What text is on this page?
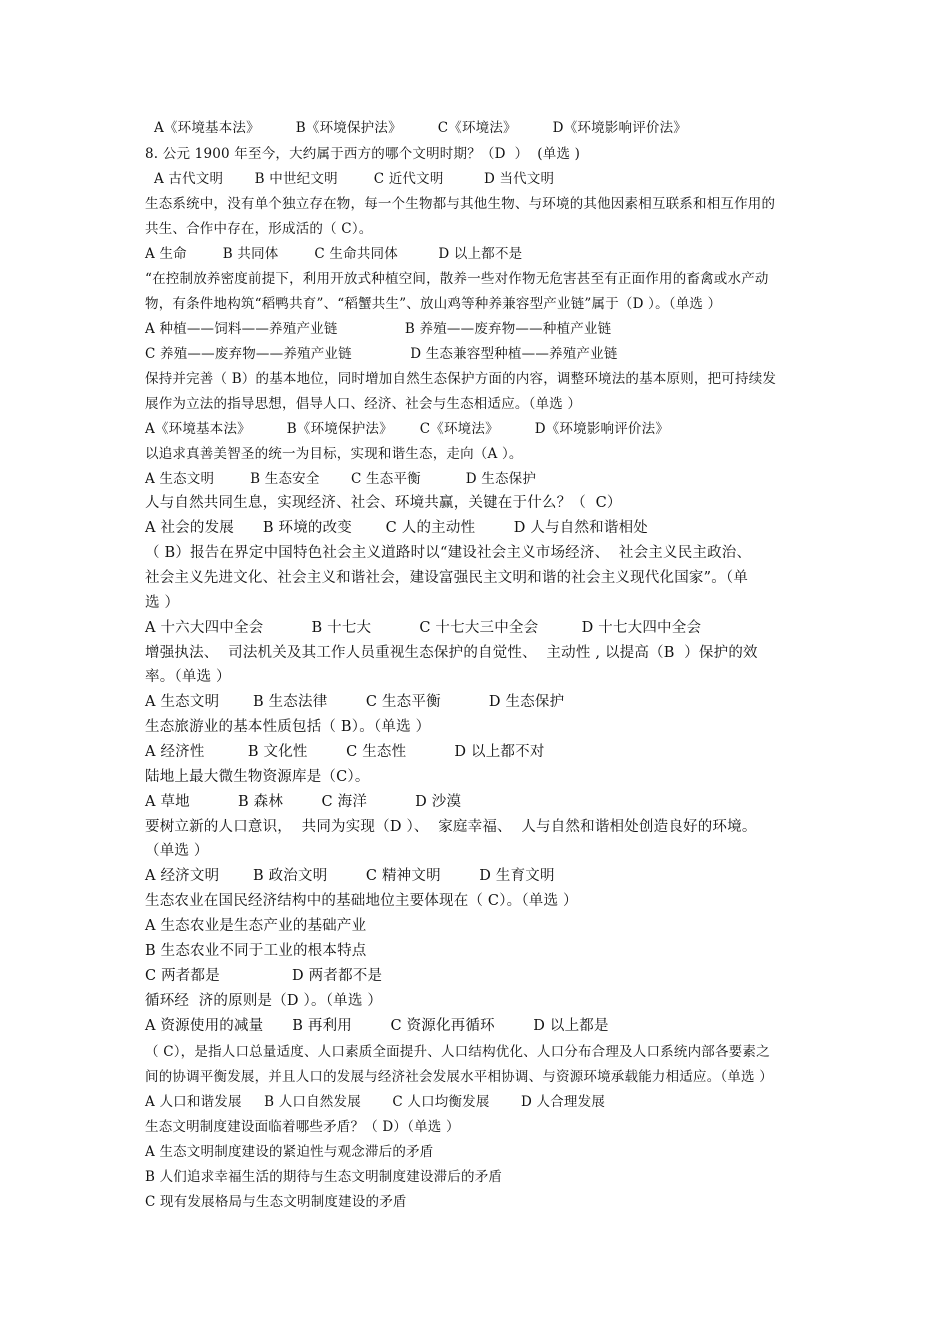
A《环境基本法》        B《环境保护法》        C《环境法》        D《环境影响评价法》
8. 公元 1900 年至今，大约属于西方的哪个文明时期？（D  ）  (单选 )
A 古代文明       B 中世纪文明        C 近代文明         D 当代文明
生态系统中，没有单个独立存在物，每一个生物都与其他生物、与环境的其他因素相互联系和相互作用的
共生、合作中存在，形成活的（ C）。
A 生命        B 共同体        C 生命共同体         D 以上都不是
“在控制放养密度前提下，利用开放式种植空间，散养一些对作物无危害甚至有正面作用的畜禽或水产动
物，有条件地构筑“稻鸭共育”、“稻蟹共生”、放山鸡等种养兼容型产业链”属于（D ）。（单选 ）
A 种植——饲料——养殖产业链               B 养殖——废弃物——种植产业链
C 养殖——废弃物——养殖产业链             D 生态兼容型种植——养殖产业链
保持并完善（ B）的基本地位，同时增加自然生态保护方面的内容，调整环境法的基本原则，把可持续发
展作为立法的指导思想，倡导人口、经济、社会与生态相适应。（单选 ）
A《环境基本法》        B《环境保护法》      C《环境法》        D《环境影响评价法》
以追求真善美智圣的统一为目标，实现和谐生态，走向（A ）。
A 生态文明        B 生态安全       C 生态平衡          D 生态保护
人与自然共同生息，实现经济、社会、环境共赢，关键在于什么？（  C）
A 社会的发展      B 环境的改变       C 人的主动性        D 人与自然和谐相处
（ B）报告在界定中国特色社会主义道路时以“建设社会主义市场经济、  社会主义民主政治、
社会主义先进文化、社会主义和谐社会，建设富强民主文明和谐的社会主义现代化国家”。（单
选 ）
A 十六大四中全会          B 十七大          C 十七大三中全会         D 十七大四中全会
增强执法、  司法机关及其工作人员重视生态保护的自觉性、  主动性 , 以提高（B  ）保护的效
率。（单选 ）
A 生态文明       B 生态法律        C 生态平衡          D 生态保护
生态旅游业的基本性质包括（ B）。（单选 ）
A 经济性         B 文化性        C 生态性          D 以上都不对
陆地上最大微生物资源库是（C）。
A 草地          B 森林        C 海洋          D 沙漠
要树立新的人口意识，  共同为实现（D ）、  家庭幸福、  人与自然和谐相处创造良好的环境。
（单选 ）
A 经济文明       B 政治文明        C 精神文明        D 生育文明
生态农业在国民经济结构中的基础地位主要体现在（ C）。（单选 ）
A 生态农业是生态产业的基础产业
B 生态农业不同于工业的根本特点
C 两者都是               D 两者都不是
循环经  济的原则是（D ）。（单选 ）
A 资源使用的减量      B 再利用        C 资源化再循环        D 以上都是
（ C），是指人口总量适度、人口素质全面提升、人口结构优化、人口分布合理及人口系统内部各要素之
间的协调平衡发展，并且人口的发展与经济社会发展水平相协调、与资源环境承载能力相适应。（单选 ）
A 人口和谐发展     B 人口自然发展       C 人口均衡发展       D 人合理发展
生态文明制度建设面临着哪些矛盾？（ D）（单选 ）
A 生态文明制度建设的紧迫性与观念滞后的矛盾
B 人们追求幸福生活的期待与生态文明制度建设滞后的矛盾
C 现有发展格局与生态文明制度建设的矛盾
